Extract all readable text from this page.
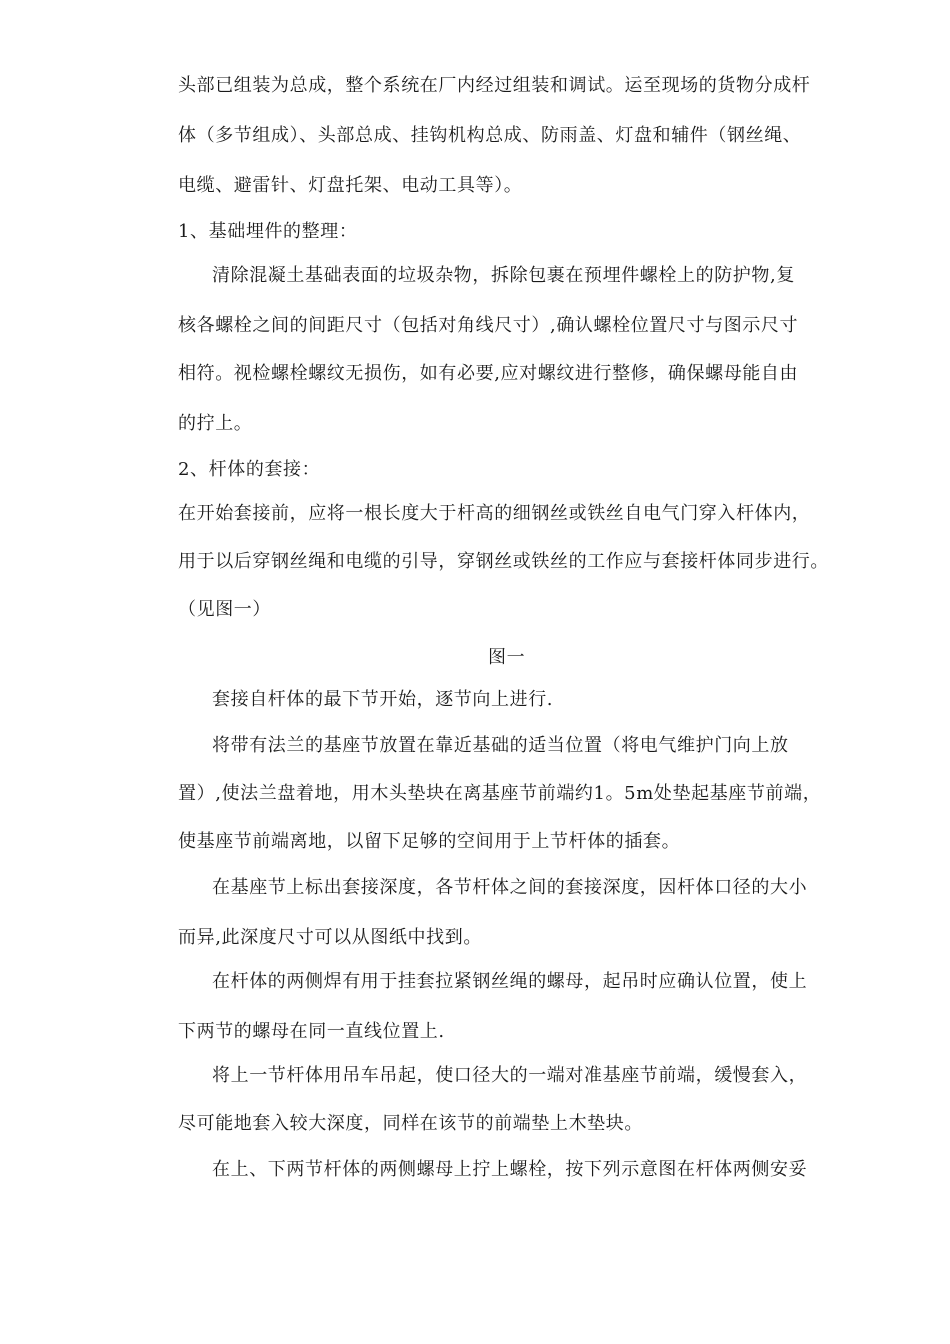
头部已组装为总成，整个系统在厂内经过组装和调试。运至现场的货物分成杆
体（多节组成）、头部总成、挂钩机构总成、防雨盖、灯盘和辅件（钢丝绳、
电缆、避雷针、灯盘托架、电动工具等）。
1、基础埋件的整理：
清除混凝土基础表面的垃圾杂物，拆除包裹在预埋件螺栓上的防护物,复
核各螺栓之间的间距尺寸（包括对角线尺寸）,确认螺栓位置尺寸与图示尺寸
相符。视检螺栓螺纹无损伤，如有必要,应对螺纹进行整修，确保螺母能自由
的拧上。
2、杆体的套接：
在开始套接前，应将一根长度大于杆高的细钢丝或铁丝自电气门穿入杆体内，
用于以后穿钢丝绳和电缆的引导，穿钢丝或铁丝的工作应与套接杆体同步进行。
（见图一）
图一
套接自杆体的最下节开始，逐节向上进行.
将带有法兰的基座节放置在靠近基础的适当位置（将电气维护门向上放
置）,使法兰盘着地，用木头垫块在离基座节前端约1。5m处垫起基座节前端，
使基座节前端离地，以留下足够的空间用于上节杆体的插套。
在基座节上标出套接深度，各节杆体之间的套接深度，因杆体口径的大小
而异,此深度尺寸可以从图纸中找到。
在杆体的两侧焊有用于挂套拉紧钢丝绳的螺母，起吊时应确认位置，使上
下两节的螺母在同一直线位置上.
将上一节杆体用吊车吊起，使口径大的一端对准基座节前端，缓慢套入，
尽可能地套入较大深度，同样在该节的前端垫上木垫块。
在上、下两节杆体的两侧螺母上拧上螺栓，按下列示意图在杆体两侧安妥
